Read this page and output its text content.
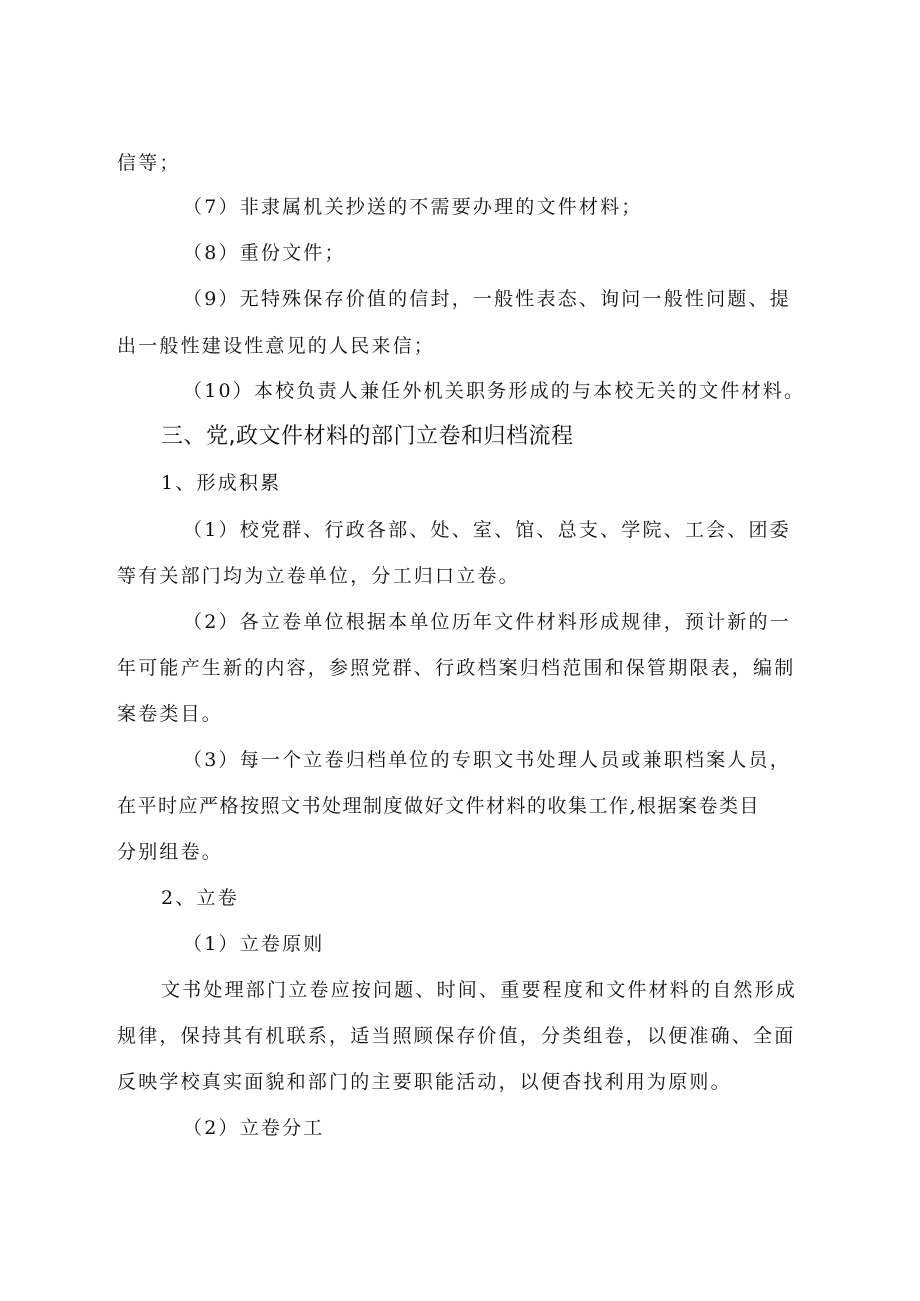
信等；
（7）非隶属机关抄送的不需要办理的文件材料；
（8）重份文件；
（9）无特殊保存价值的信封，一般性表态、询问一般性问题、提
出一般性建设性意见的人民来信；
（10）本校负责人兼任外机关职务形成的与本校无关的文件材料。
三、党,政文件材料的部门立卷和归档流程
1、形成积累
（1）校党群、行政各部、处、室、馆、总支、学院、工会、团委
等有关部门均为立卷单位，分工归口立卷。
（2）各立卷单位根据本单位历年文件材料形成规律，预计新的一
年可能产生新的内容，参照党群、行政档案归档范围和保管期限表，编制
案卷类目。
（3）每一个立卷归档单位的专职文书处理人员或兼职档案人员，
在平时应严格按照文书处理制度做好文件材料的收集工作,根据案卷类目
分别组卷。
2、立卷
（1）立卷原则
文书处理部门立卷应按问题、时间、重要程度和文件材料的自然形成
规律，保持其有机联系，适当照顾保存价值，分类组卷，以便准确、全面
反映学校真实面貌和部门的主要职能活动，以便杳找利用为原则。
（2）立卷分工
